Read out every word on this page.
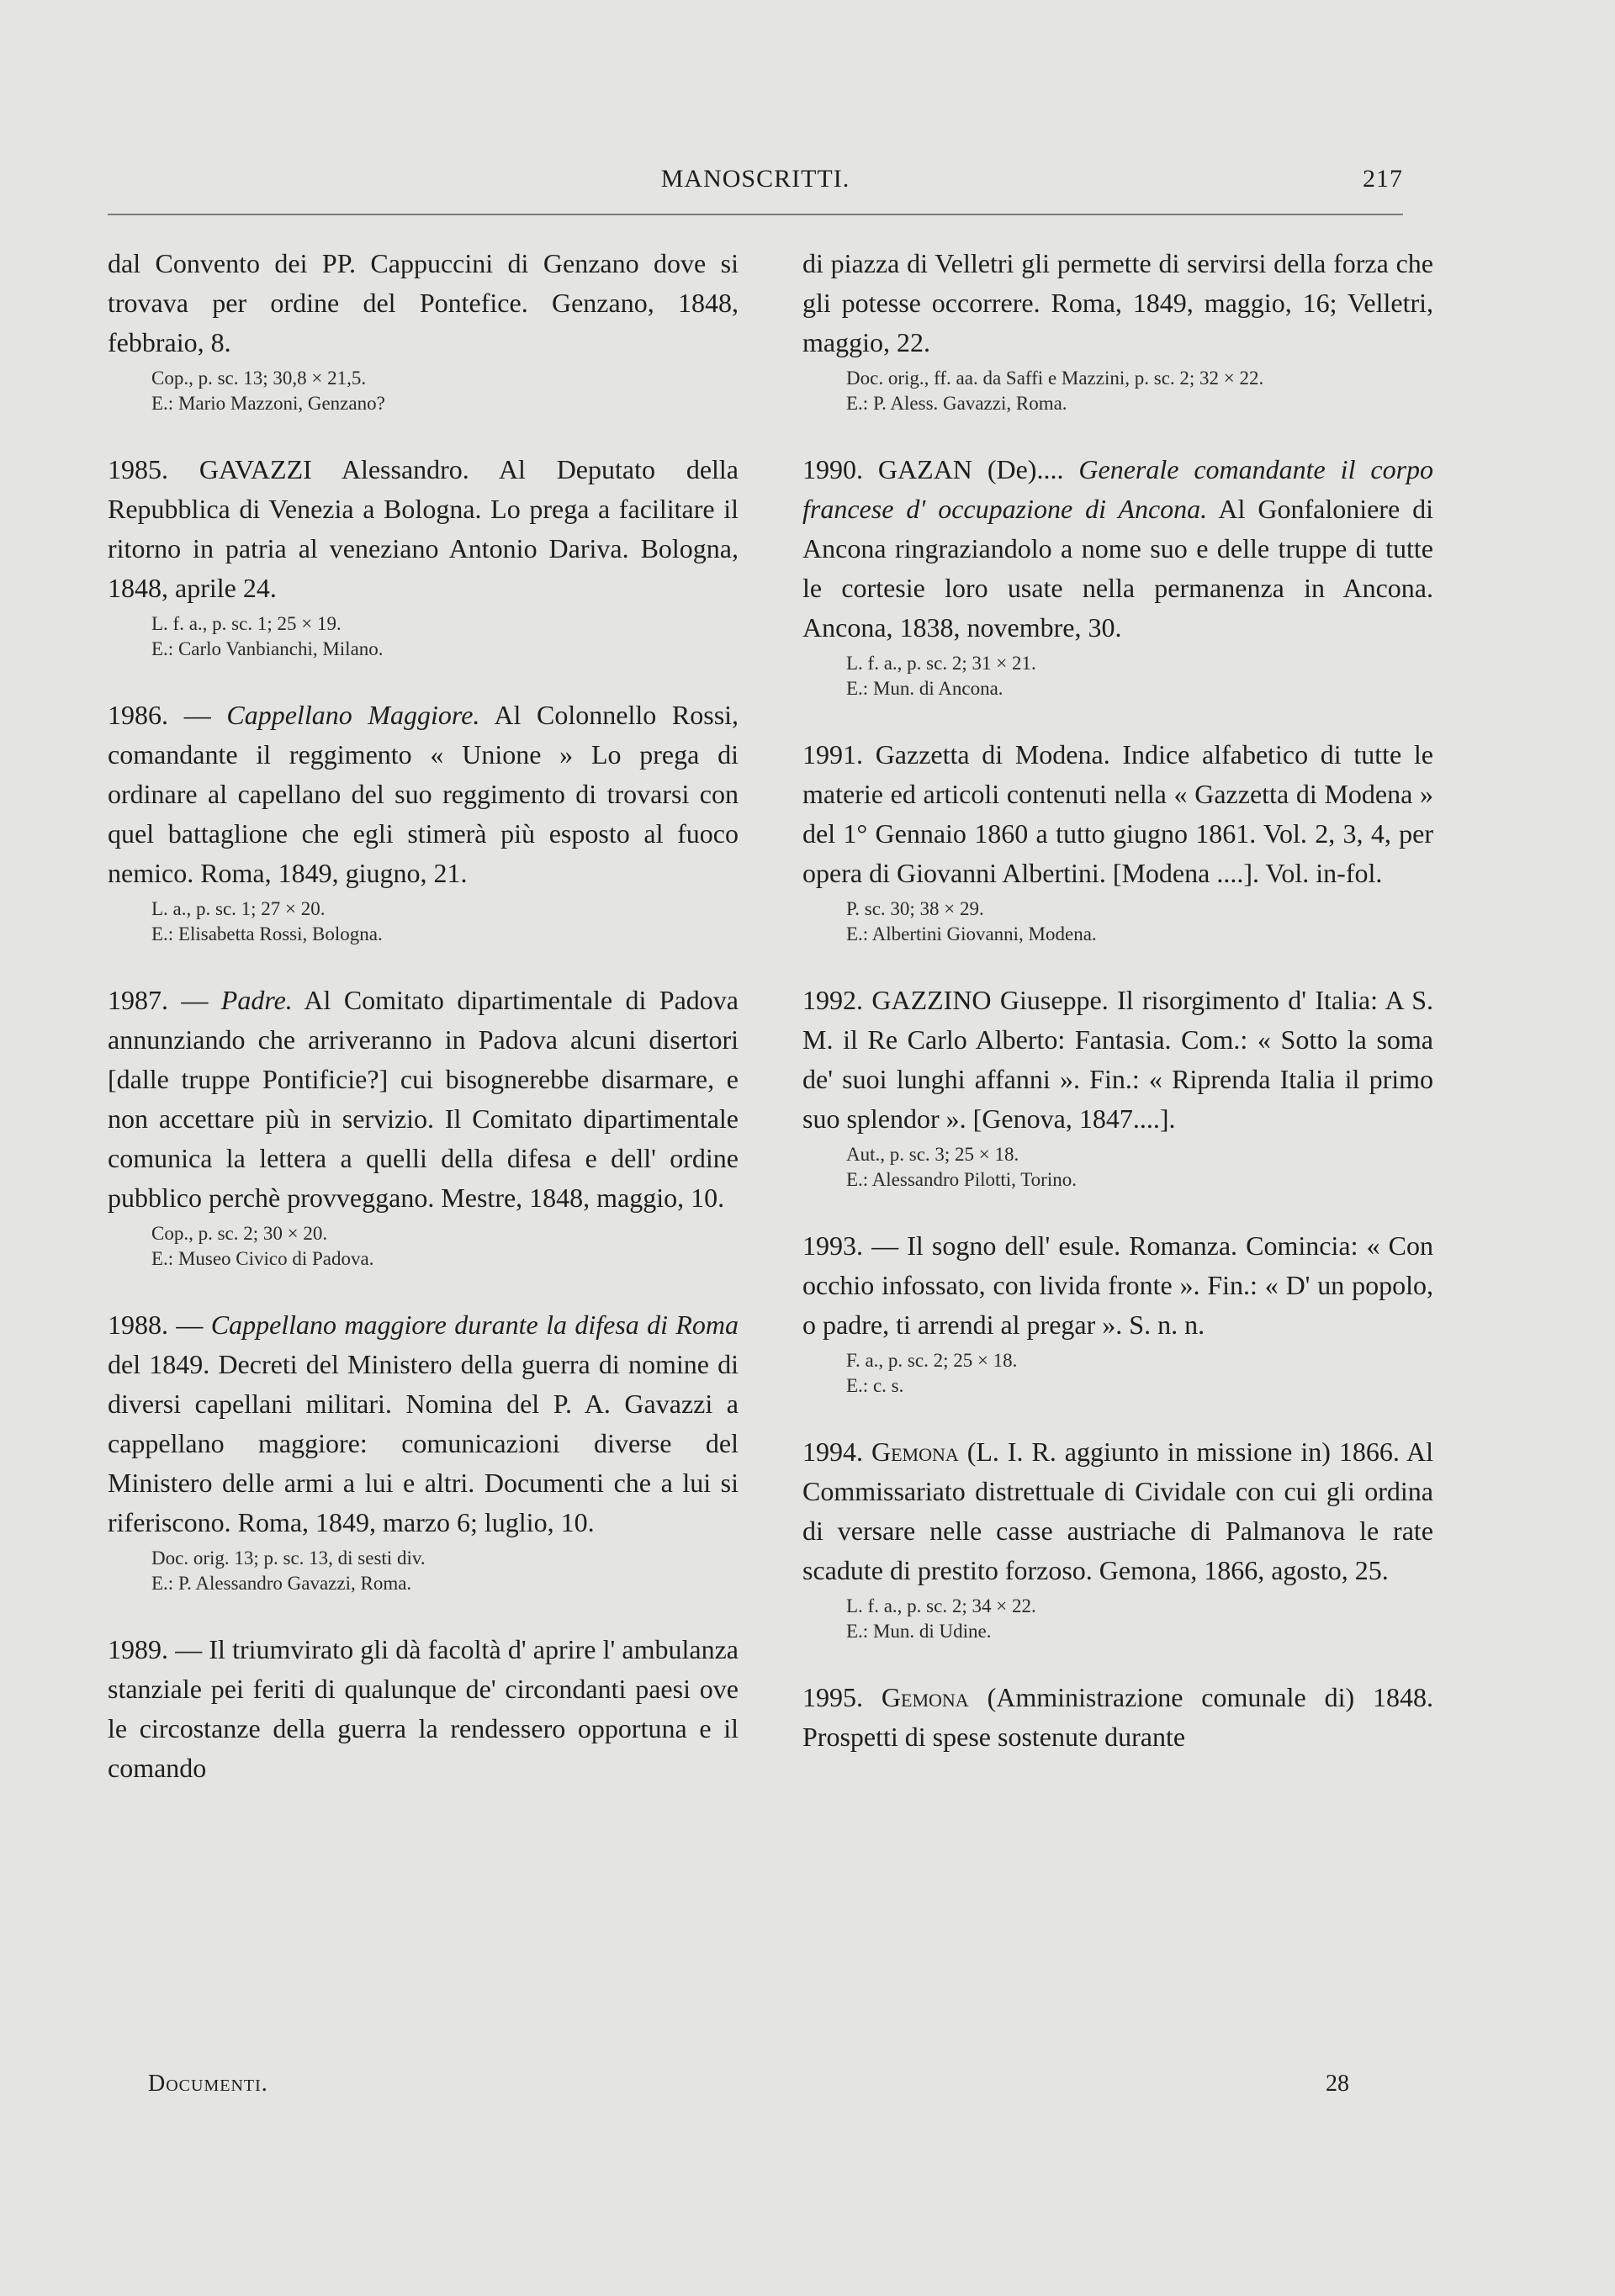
MANOSCRITTI.	217

dal Convento dei PP. Cappuccini di Genzano dove si trovava per ordine del Pontefice. Genzano, 1848, febbraio, 8.

Cop., p. sc. 13; 30,8 × 21,5.
E.: Mario Mazzoni, Genzano?

1985. GAVAZZI Alessandro. Al Deputato della Repubblica di Venezia a Bologna. Lo prega a facilitare il ritorno in patria al veneziano Antonio Dariva. Bologna, 1848, aprile 24.

L. f. a., p. sc. 1; 25 × 19.
E.: Carlo Vanbianchi, Milano.

1986. — Cappellano Maggiore. Al Colonnello Rossi, comandante il reggimento « Unione » Lo prega di ordinare al capellano del suo reggimento di trovarsi con quel battaglione che egli stimerà più esposto al fuoco nemico. Roma, 1849, giugno, 21.

L. a., p. sc. 1; 27 × 20.
E.: Elisabetta Rossi, Bologna.

1987. — Padre. Al Comitato dipartimentale di Padova annunziando che arriveranno in Padova alcuni disertori [dalle truppe Pontificie?] cui bisognerebbe disarmare, e non accettare più in servizio. Il Comitato dipartimentale comunica la lettera a quelli della difesa e dell' ordine pubblico perchè provveggano. Mestre, 1848, maggio, 10.

Cop., p. sc. 2; 30 × 20.
E.: Museo Civico di Padova.

1988. — Cappellano maggiore durante la difesa di Roma del 1849. Decreti del Ministero della guerra di nomine di diversi capellani militari. Nomina del P. A. Gavazzi a cappellano maggiore: comunicazioni diverse del Ministero delle armi a lui e altri. Documenti che a lui si riferiscono. Roma, 1849, marzo 6; luglio, 10.

Doc. orig. 13; p. sc. 13, di sesti div.
E.: P. Alessandro Gavazzi, Roma.

1989. — Il triumvirato gli dà facoltà d' aprire l' ambulanza stanziale pei feriti di qualunque de' circondanti paesi ove le circostanze della guerra la rendessero opportuna e il comando

di piazza di Velletri gli permette di servirsi della forza che gli potesse occorrere. Roma, 1849, maggio, 16; Velletri, maggio, 22.

Doc. orig., ff. aa. da Saffi e Mazzini, p. sc. 2; 32 × 22.
E.: P. Aless. Gavazzi, Roma.

1990. GAZAN (De).... Generale comandante il corpo francese d' occupazione di Ancona. Al Gonfaloniere di Ancona ringraziandolo a nome suo e delle truppe di tutte le cortesie loro usate nella permanenza in Ancona. Ancona, 1838, novembre, 30.

L. f. a., p. sc. 2; 31 × 21.
E.: Mun. di Ancona.

1991. Gazzetta di Modena. Indice alfabetico di tutte le materie ed articoli contenuti nella « Gazzetta di Modena » del 1° Gennaio 1860 a tutto giugno 1861. Vol. 2, 3, 4, per opera di Giovanni Albertini. [Modena ....]. Vol. in-fol.

P. sc. 30; 38 × 29.
E.: Albertini Giovanni, Modena.

1992. GAZZINO Giuseppe. Il risorgimento d' Italia: A S. M. il Re Carlo Alberto: Fantasia. Com.: « Sotto la soma de' suoi lunghi affanni ». Fin.: « Riprenda Italia il primo suo splendor ». [Genova, 1847....].

Aut., p. sc. 3; 25 × 18.
E.: Alessandro Pilotti, Torino.

1993. — Il sogno dell' esule. Romanza. Comincia: « Con occhio infossato, con livida fronte ». Fin.: « D' un popolo, o padre, ti arrendi al pregar ». S. n. n.

F. a., p. sc. 2; 25 × 18.
E.: c. s.

1994. Gemona (L. I. R. aggiunto in missione in) 1866. Al Commissariato distrettuale di Cividale con cui gli ordina di versare nelle casse austriache di Palmanova le rate scadute di prestito forzoso. Gemona, 1866, agosto, 25.

L. f. a., p. sc. 2; 34 × 22.
E.: Mun. di Udine.

1995. Gemona (Amministrazione comunale di) 1848. Prospetti di spese sostenute durante

Documenti.	28
